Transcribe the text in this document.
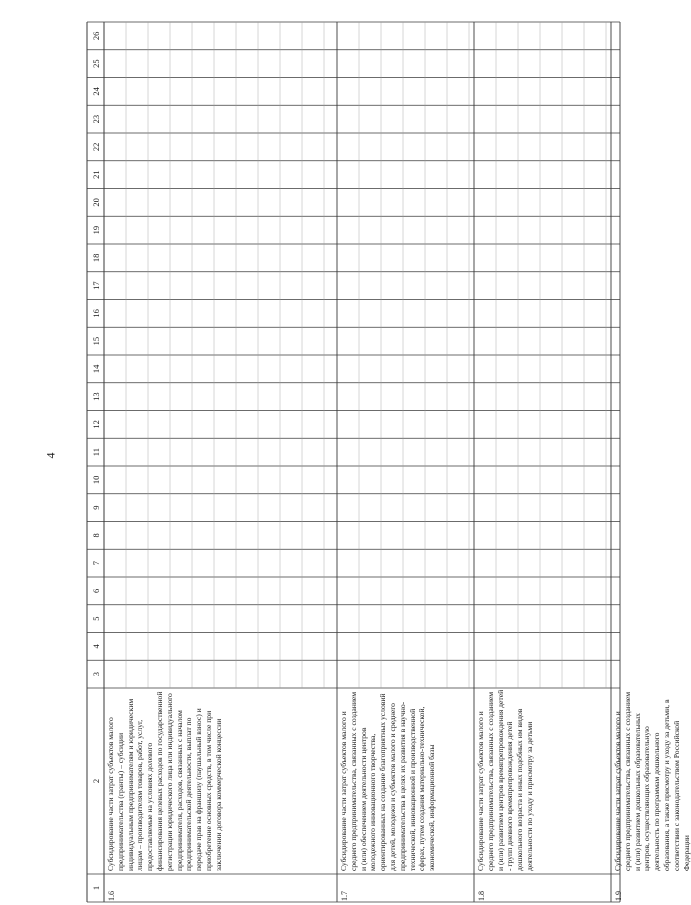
4
1
2
3
4
5
6
7
8
9
10
11
12
13
14
15
16
17
18
19
20
21
22
23
24
25
26
1.6
Субсидирование части затрат субъектов малого предпринимательства (гранты) – субсидии индивидуальным предпринимателям и юридическим лицам – производителям товаров, работ, услуг, предоставляемые на условиях долевого финансирования целевых расходов по государственной регистрации юридического лица или индивидуального предпринимателя, расходов, связанных с началом предпринимательской деятельности, выплат по передаче прав на франшизу (паушальный взнос) и приобретение основных средств, в том числе при заключении договора коммерческой концессии
1.7
Субсидирование части затрат субъектов малого и среднего предпринимательства, связанных с созданием и (или) обеспечением деятельности центров молодежного инновационного творчества, ориентированных на создание благоприятных условий для детей, молодежи и субъектов малого и среднего предпринимательства в целях их развития в научно-технической, инновационной и производственной сферах, путем создания материально-технической, экономической, информационной базы
1.8
Субсидирование части затрат субъектов малого и среднего предпринимательства, связанных с созданием и (или) развитием центров времяпрепровождения детей - групп дневного времяпрепровождения детей дошкольного возраста и иных подобных им видов деятельности по уходу и присмотру за детьми
1.9
Субсидирование части затрат субъектов малого и среднего предпринимательства, связанных с созданием и (или) развитием дошкольных образовательных центров, осуществляющих образовательную деятельность по программам дошкольного образования, а также присмотру и уходу за детьми, в соответствии с законодательством Российской Федерации
